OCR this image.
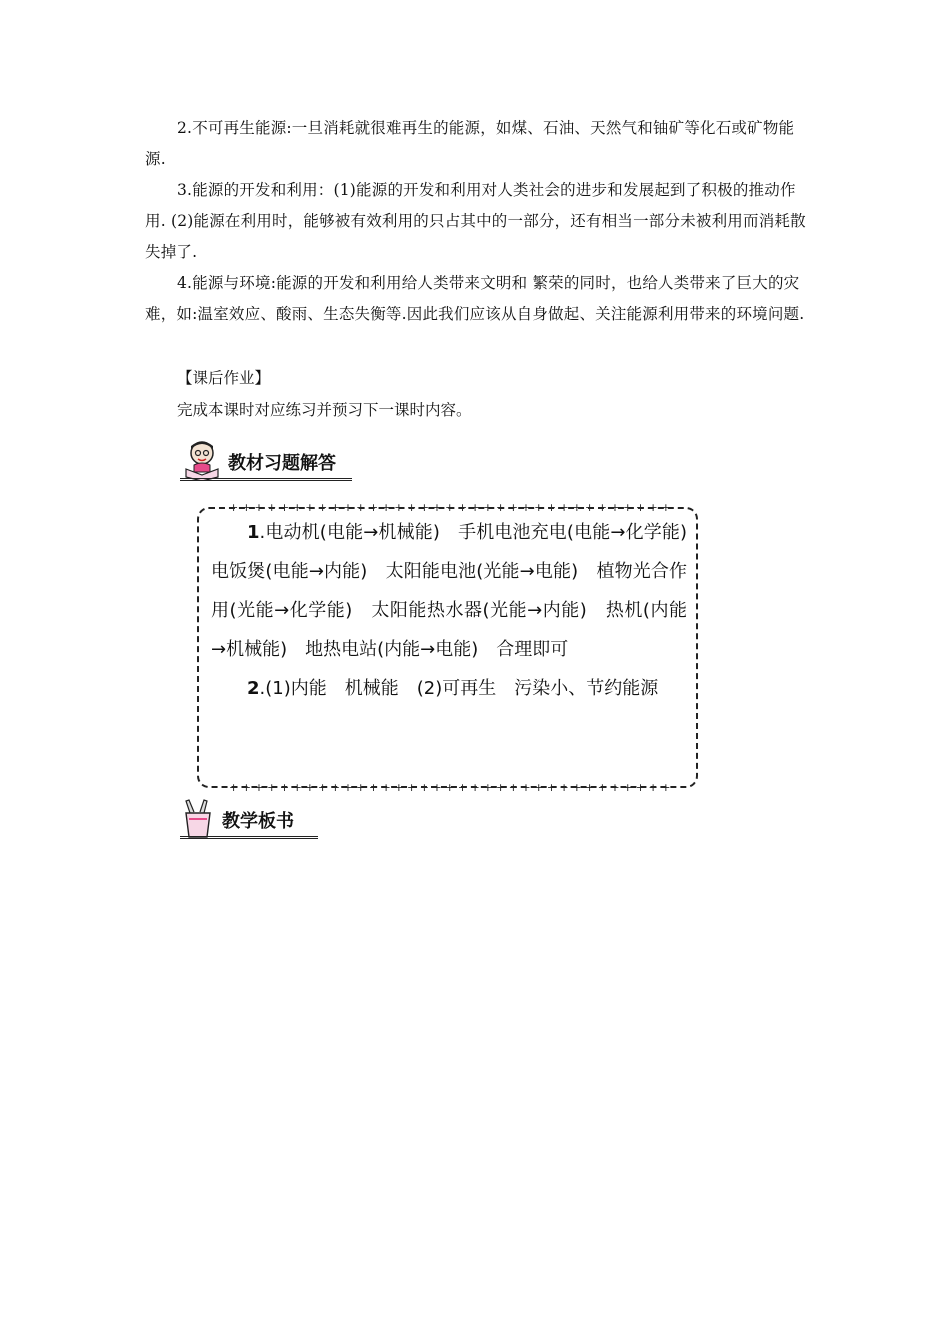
2.不可再生能源:一旦消耗就很难再生的能源，如煤、石油、天然气和铀矿等化石或矿物能源.

3.能源的开发和利用：(1)能源的开发和利用对人类社会的进步和发展起到了积极的推动作用. (2)能源在利用时，能够被有效利用的只占其中的一部分，还有相当一部分未被利用而消耗散失掉了.

4.能源与环境:能源的开发和利用给人类带来文明和 繁荣的同时，也给人类带来了巨大的灾难，如:温室效应、酸雨、生态失衡等.因此我们应该从自身做起、关注能源利用带来的环境问题.

【课后作业】

完成本课时对应练习并预习下一课时内容。

教材习题解答
+ + + + + + + + + + + + + + + + + + + + + + + + + + + + + + + + + + +
+ + + + + + + + + + + + + + + + + + + + + + + + + + + + + + + + + + +

1.电动机(电能→机械能)　手机电池充电(电能→化学能)　电饭煲(电能→内能)　太阳能电池(光能→电能)　植物光合作用(光能→化学能)　太阳能热水器(光能→内能)　热机(内能→机械能)　地热电站(内能→电能)　合理即可
2.(1)内能　机械能　(2)可再生　污染小、节约能源

教学板书
